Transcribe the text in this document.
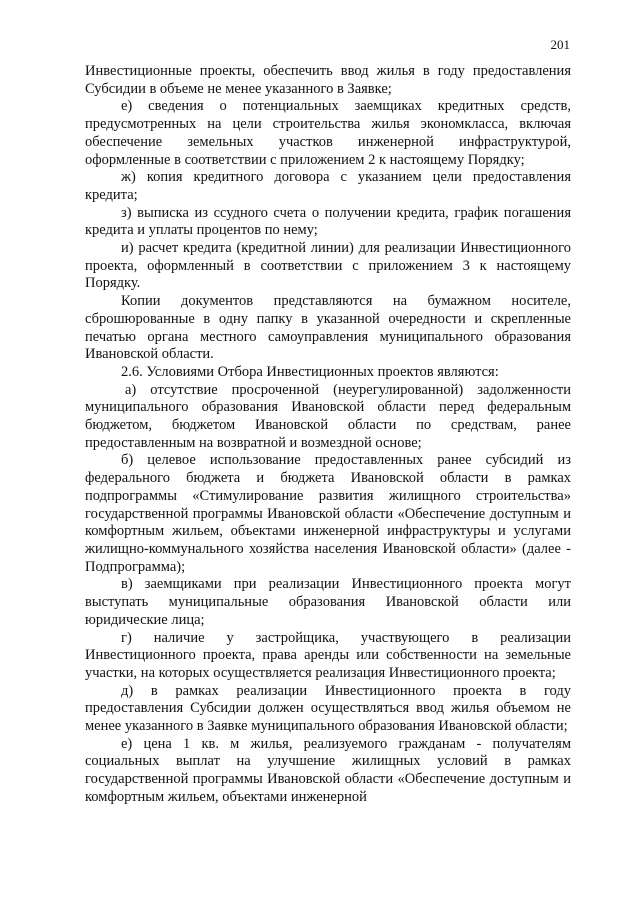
201

Инвестиционные проекты, обеспечить ввод жилья в году предоставления Субсидии в объеме не менее указанного в Заявке;

е) сведения о потенциальных заемщиках кредитных средств, предусмотренных на цели строительства жилья экономкласса, включая обеспечение земельных участков инженерной инфраструктурой, оформленные в соответствии с приложением 2 к настоящему Порядку;

ж) копия кредитного договора с указанием цели предоставления кредита;

з) выписка из ссудного счета о получении кредита, график погашения кредита и уплаты процентов по нему;

и) расчет кредита (кредитной линии) для реализации Инвестиционного проекта, оформленный в соответствии с приложением 3 к настоящему Порядку.

Копии документов представляются на бумажном носителе, сброшюрованные в одну папку в указанной очередности и скрепленные печатью органа местного самоуправления муниципального образования Ивановской области.

2.6. Условиями Отбора Инвестиционных проектов являются:

а) отсутствие просроченной (неурегулированной) задолженности муниципального образования Ивановской области перед федеральным бюджетом, бюджетом Ивановской области по средствам, ранее предоставленным на возвратной и возмездной основе;

б) целевое использование предоставленных ранее субсидий из федерального бюджета и бюджета Ивановской области в рамках подпрограммы «Стимулирование развития жилищного строительства» государственной программы Ивановской области «Обеспечение доступным и комфортным жильем, объектами инженерной инфраструктуры и услугами жилищно-коммунального хозяйства населения Ивановской области» (далее - Подпрограмма);

в) заемщиками при реализации Инвестиционного проекта могут выступать муниципальные образования Ивановской области или юридические лица;

г) наличие у застройщика, участвующего в реализации Инвестиционного проекта, права аренды или собственности на земельные участки, на которых осуществляется реализация Инвестиционного проекта;

д) в рамках реализации Инвестиционного проекта в году предоставления Субсидии должен осуществляться ввод жилья объемом не менее указанного в Заявке муниципального образования Ивановской области;

е) цена 1 кв. м жилья, реализуемого гражданам - получателям социальных выплат на улучшение жилищных условий в рамках государственной программы Ивановской области «Обеспечение доступным и комфортным жильем, объектами инженерной
